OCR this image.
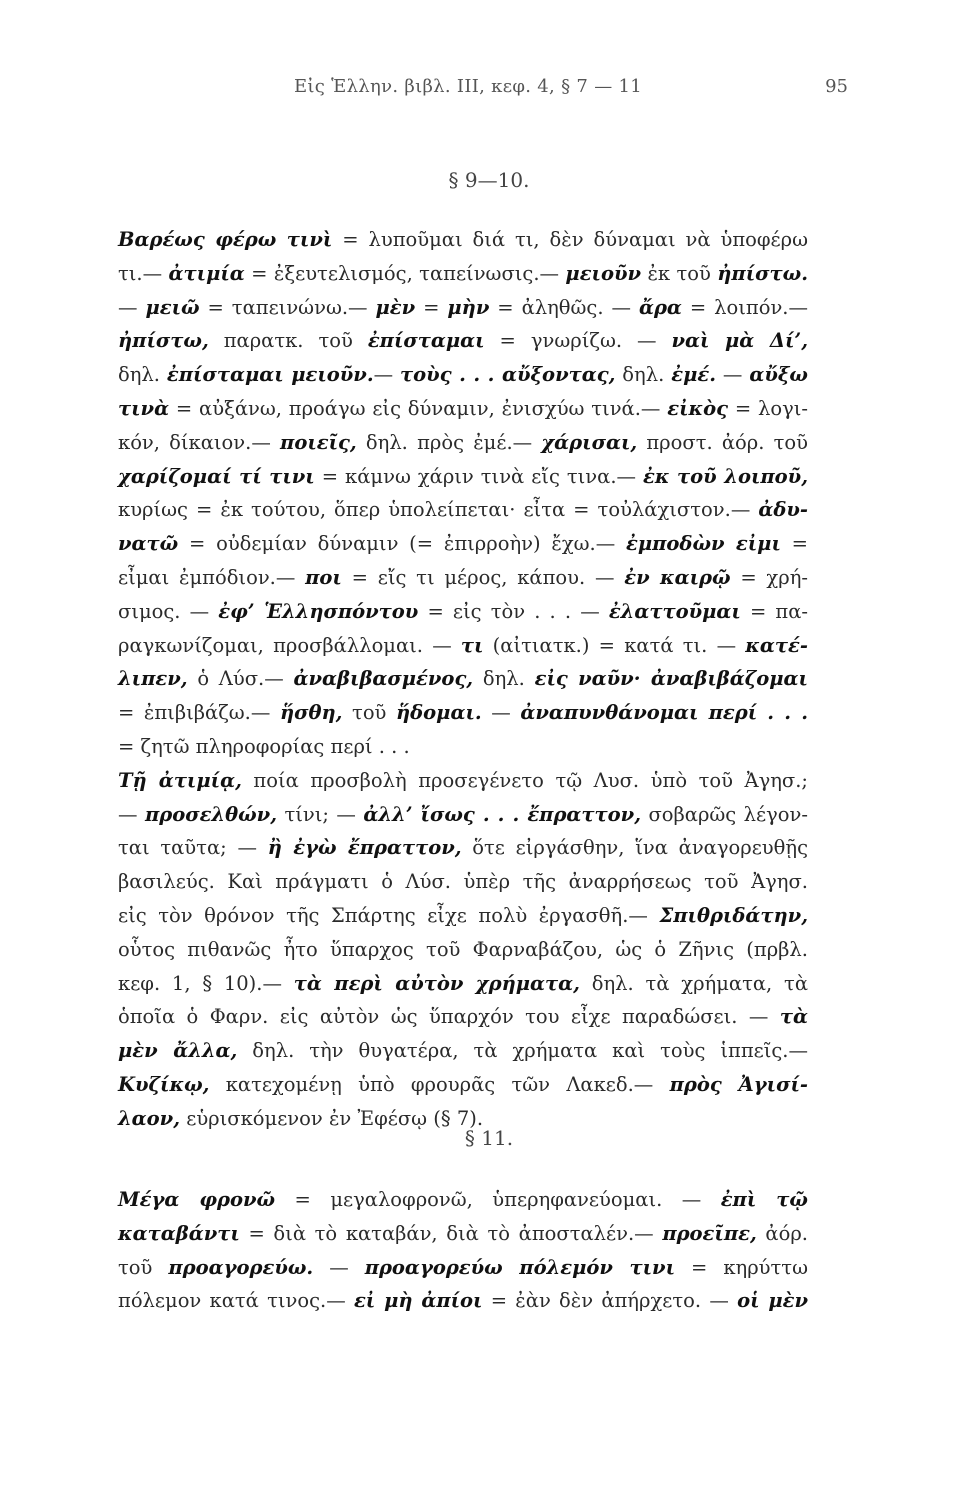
Εἰς Ἑλλην. βιβλ. III, κεφ. 4, § 7 — 11	95
§ 9—10.
Βαρέως φέρω τινὶ = λυποῦμαι διά τι, δὲν δύναμαι νὰ ὑποφέρω
τι.— ἀτιμία = ἐξευτελισμός, ταπείνωσις.— μειοῦν ἐκ τοῦ ἠπίστω.
— μειῶ = ταπεινώνω.— μὲν = μὴν = ἀληθῶς. — ἄρα = λοιπόν.—
ἠπίστω, παρατκ. τοῦ ἐπίσταμαι = γνωρίζω. — ναὶ μὰ Δί’,
δηλ. ἐπίσταμαι μειοῦν.— τοὺς . . . αὔξοντας, δηλ. ἐμέ. — αὔξω
τινὰ = αὐξάνω, προάγω εἰς δύναμιν, ἐνισχύω τινά.— εἰκὸς = λογι-
κόν, δίκαιον.— ποιεῖς, δηλ. πρὸς ἐμέ.— χάρισαι, προστ. ἀόρ. τοῦ
χαρίζομαί τί τινι = κάμνω χάριν τινὰ εἴς τινα.— ἐκ τοῦ λοιποῦ,
κυρίως = ἐκ τούτου, ὅπερ ὑπολείπεται· εἶτα = τοὐλάχιστον.— ἀδυ-
νατῶ = οὐδεμίαν δύναμιν (= ἐπιρροὴν) ἔχω.— ἐμποδὼν εἰμι =
εἶμαι ἐμπόδιον.— ποι = εἴς τι μέρος, κάπου. — ἐν καιρῷ = χρή-
σιμος. — ἐφ’ Ἑλλησπόντου = εἰς τὸν . . . — ἐλαττοῦμαι = πα-
ραγκωνίζομαι, προσβάλλομαι. — τι (αἰτιατκ.) = κατά τι. — κατέ-
λιπεν, ὁ Λύσ.— ἀναβιβασμένος, δηλ. εἰς ναῦν· ἀναβιβάζομαι
= ἐπιβιβάζω.— ἥσθη, τοῦ ἥδομαι. — ἀναπυνθάνομαι περί . . .
= ζητῶ πληροφορίας περί . . .
Τῇ ἀτιμίᾳ, ποία προσβολὴ προσεγένετο τῷ Λυσ. ὑπὸ τοῦ Ἀγησ.;
— προσελθών, τίνι; — ἀλλ’ ἴσως . . . ἔπραττον, σοβαρῶς λέγον-
ται ταῦτα; — ἢ ἐγὼ ἔπραττον, ὅτε εἰργάσθην, ἵνα ἀναγορευθῇς
βασιλεύς. Καὶ πράγματι ὁ Λύσ. ὑπὲρ τῆς ἀναρρήσεως τοῦ Ἀγησ.
εἰς τὸν θρόνον τῆς Σπάρτης εἶχε πολὺ ἐργασθῆ.— Σπιθριδάτην,
οὗτος πιθανῶς ἦτο ὕπαρχος τοῦ Φαρναβάζου, ὡς ὁ Ζῆνις (πρβλ.
κεφ. 1, § 10).— τὰ περὶ αὐτὸν χρήματα, δηλ. τὰ χρήματα, τὰ
ὁποῖα ὁ Φαρν. εἰς αὐτὸν ὡς ὕπαρχόν του εἶχε παραδώσει. — τὰ
μὲν ἄλλα, δηλ. τὴν θυγατέρα, τὰ χρήματα καὶ τοὺς ἱππεῖς.—
Κυζίκῳ, κατεχομένῃ ὑπὸ φρουρᾶς τῶν Λακεδ.— πρὸς Ἀγισί-
λαον, εὑρισκόμενον ἐν Ἐφέσῳ (§ 7).
§ 11.
Μέγα φρονῶ = μεγαλοφρονῶ, ὑπερηφανεύομαι. — ἐπὶ τῷ
καταβάντι = διὰ τὸ καταβάν, διὰ τὸ ἀποσταλέν.— προεῖπε, ἀόρ.
τοῦ προαγορεύω. — προαγορεύω πόλεμόν τινι = κηρύττω
πόλεμον κατά τινος.— εἰ μὴ ἀπίοι = ἐὰν δὲν ἀπήρχετο. — οἱ μὲν
